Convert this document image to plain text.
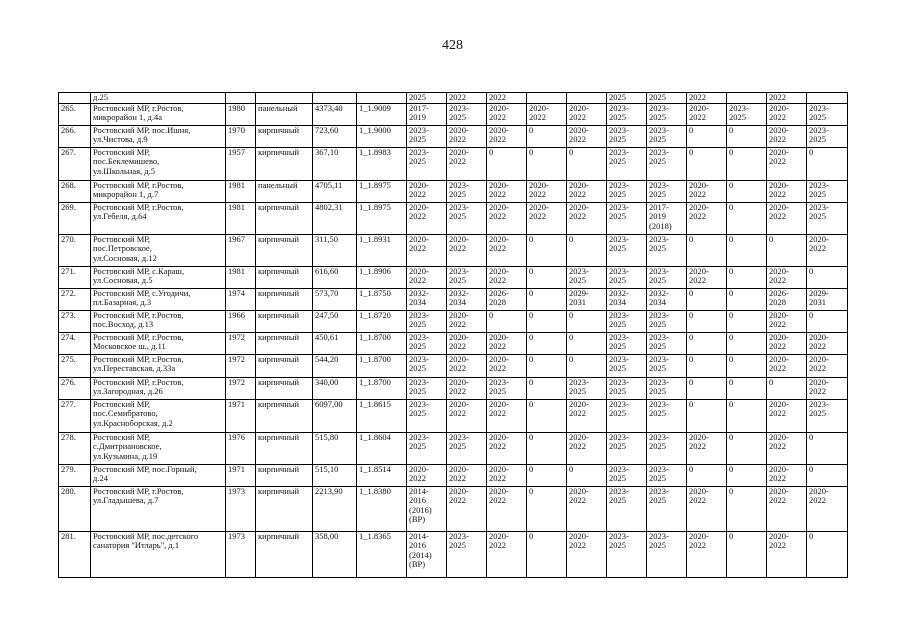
428
	д.25					2025	2022	2022			2025	2025	2022		2022	
265.	Ростовский МР, г.Ростов,
микрорайон 1, д.4а	1980	панельный	4373,40	1_1.9009	2017-
2019	2023-
2025	2020-
2022	2020-
2022	2020-
2022	2023-
2025	2023-
2025	2020-
2022	2023-
2025	2020-
2022	2023-
2025
266.	Ростовский МР, пос.Ишня,
ул.Чистова, д.9	1970	кирпичный	723,60	1_1.9000	2023-
2025	2020-
2022	2020-
2022	0	2020-
2022	2023-
2025	2023-
2025	0	0	2020-
2022	2023-
2025
267.	Ростовский МР,
пос.Беклемишево,
ул.Школьная, д.5	1957	кирпичный	367,10	1_1.8983	2023-
2025	2020-
2022	0	0	0	2023-
2025	2023-
2025	0	0	2020-
2022	0
268.	Ростовский МР, г.Ростов,
микрорайон 1, д.7	1981	панельный	4705,11	1_1.8975	2020-
2022	2023-
2025	2020-
2022	2020-
2022	2020-
2022	2023-
2025	2023-
2025	2020-
2022	0	2020-
2022	2023-
2025
269.	Ростовский МР, г.Ростов,
ул.Гебеля, д.64	1981	кирпичный	4802,31	1_1.8975	2020-
2022	2023-
2025	2020-
2022	2020-
2022	2020-
2022	2023-
2025	2017-
2019
(2018)	2020-
2022	0	2020-
2022	2023-
2025
270.	Ростовский МР,
пос.Петровское,
ул.Сосновая, д.12	1967	кирпичный	311,50	1_1.8931	2020-
2022	2020-
2022	2020-
2022	0	0	2023-
2025	2023-
2025	0	0	0	2020-
2022
271.	Ростовский МР, с.Караш,
ул.Сосновая, д.5	1981	кирпичный	616,60	1_1.8906	2020-
2022	2023-
2025	2020-
2022	0	2023-
2025	2023-
2025	2023-
2025	2020-
2022	0	2020-
2022	0
272.	Ростовский МР, с.Угодичи,
пл.Базарная, д.3	1974	кирпичный	573,70	1_1.8750	2032-
2034	2032-
2034	2026-
2028	0	2029-
2031	2032-
2034	2032-
2034	0	0	2026-
2028	2029-
2031
273.	Ростовский МР, г.Ростов,
пос.Восход, д.13	1966	кирпичный	247,50	1_1.8720	2023-
2025	2020-
2022	0	0	0	2023-
2025	2023-
2025	0	0	2020-
2022	0
274.	Ростовский МР, г.Ростов,
Московское ш., д.11	1972	кирпичный	450,61	1_1.8700	2023-
2025	2020-
2022	2020-
2022	0	0	2023-
2025	2023-
2025	0	0	2020-
2022	2020-
2022
275.	Ростовский МР, г.Ростов,
ул.Переставская, д.33а	1972	кирпичный	544,20	1_1.8700	2023-
2025	2020-
2022	2020-
2022	0	0	2023-
2025	2023-
2025	0	0	2020-
2022	2020-
2022
276.	Ростовский МР, г.Ростов,
ул.Загородная, д.26	1972	кирпичный	340,00	1_1.8700	2023-
2025	2020-
2022	2023-
2025	0	2023-
2025	2023-
2025	2023-
2025	0	0	0	2020-
2022
277.	Ростовский МР,
пос.Семибратово,
ул.Красноборская, д.2	1971	кирпичный	6097,00	1_1.8615	2023-
2025	2020-
2022	2020-
2022	0	2020-
2022	2023-
2025	2023-
2025	0	0	2020-
2022	2023-
2025
278.	Ростовский МР,
с.Дмитриановское,
ул.Кузьмина, д.19	1976	кирпичный	515,80	1_1.8604	2023-
2025	2023-
2025	2020-
2022	0	2020-
2022	2023-
2025	2023-
2025	2020-
2022	0	2020-
2022	0
279.	Ростовский МР, пос.Горный,
д.24	1971	кирпичный	515,10	1_1.8514	2020-
2022	2020-
2022	2020-
2022	0	0	2023-
2025	2023-
2025	0	0	2020-
2022	0
280.	Ростовский МР, г.Ростов,
ул.Гладышева, д.7	1973	кирпичный	2213,90	1_1.8380	2014-
2016
(2016)
(ВР)	2020-
2022	2020-
2022	0	2020-
2022	2023-
2025	2023-
2025	2020-
2022	0	2020-
2022	2020-
2022
281.	Ростовский МР, пос.детского
санатория "Итларь", д.1	1973	кирпичный	358,00	1_1.8365	2014-
2016
(2014)
(ВР)	2023-
2025	2020-
2022	0	2020-
2022	2023-
2025	2023-
2025	2020-
2022	0	2020-
2022	0
